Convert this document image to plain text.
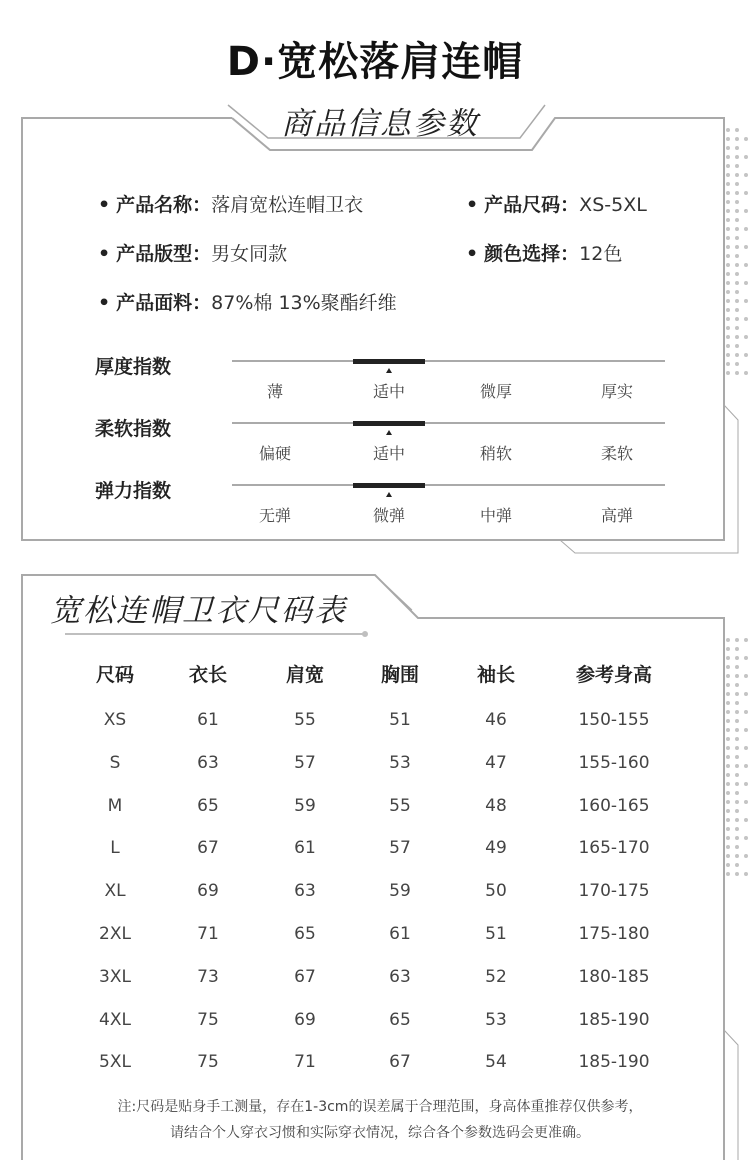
D·宽松落肩连帽
商品信息参数
• 产品名称：落肩宽松连帽卫衣	• 产品尺码：XS-5XL
• 产品版型：男女同款	• 颜色选择：12色
• 产品面料：87%棉 13%聚酯纤维
厚度指数
薄	适中	微厚	厚实
柔软指数
偏硬	适中	稍软	柔软
弹力指数
无弹	微弹	中弹	高弹
宽松连帽卫衣尺码表
尺码	衣长	肩宽	胸围	袖长	参考身高
XS	61	55	51	46	150-155
S	63	57	53	47	155-160
M	65	59	55	48	160-165
L	67	61	57	49	165-170
XL	69	63	59	50	170-175
2XL	71	65	61	51	175-180
3XL	73	67	63	52	180-185
4XL	75	69	65	53	185-190
5XL	75	71	67	54	185-190
注:尺码是贴身手工测量，存在1-3cm的误差属于合理范围，身高体重推荐仅供参考，
请结合个人穿衣习惯和实际穿衣情况，综合各个参数选码会更准确。
